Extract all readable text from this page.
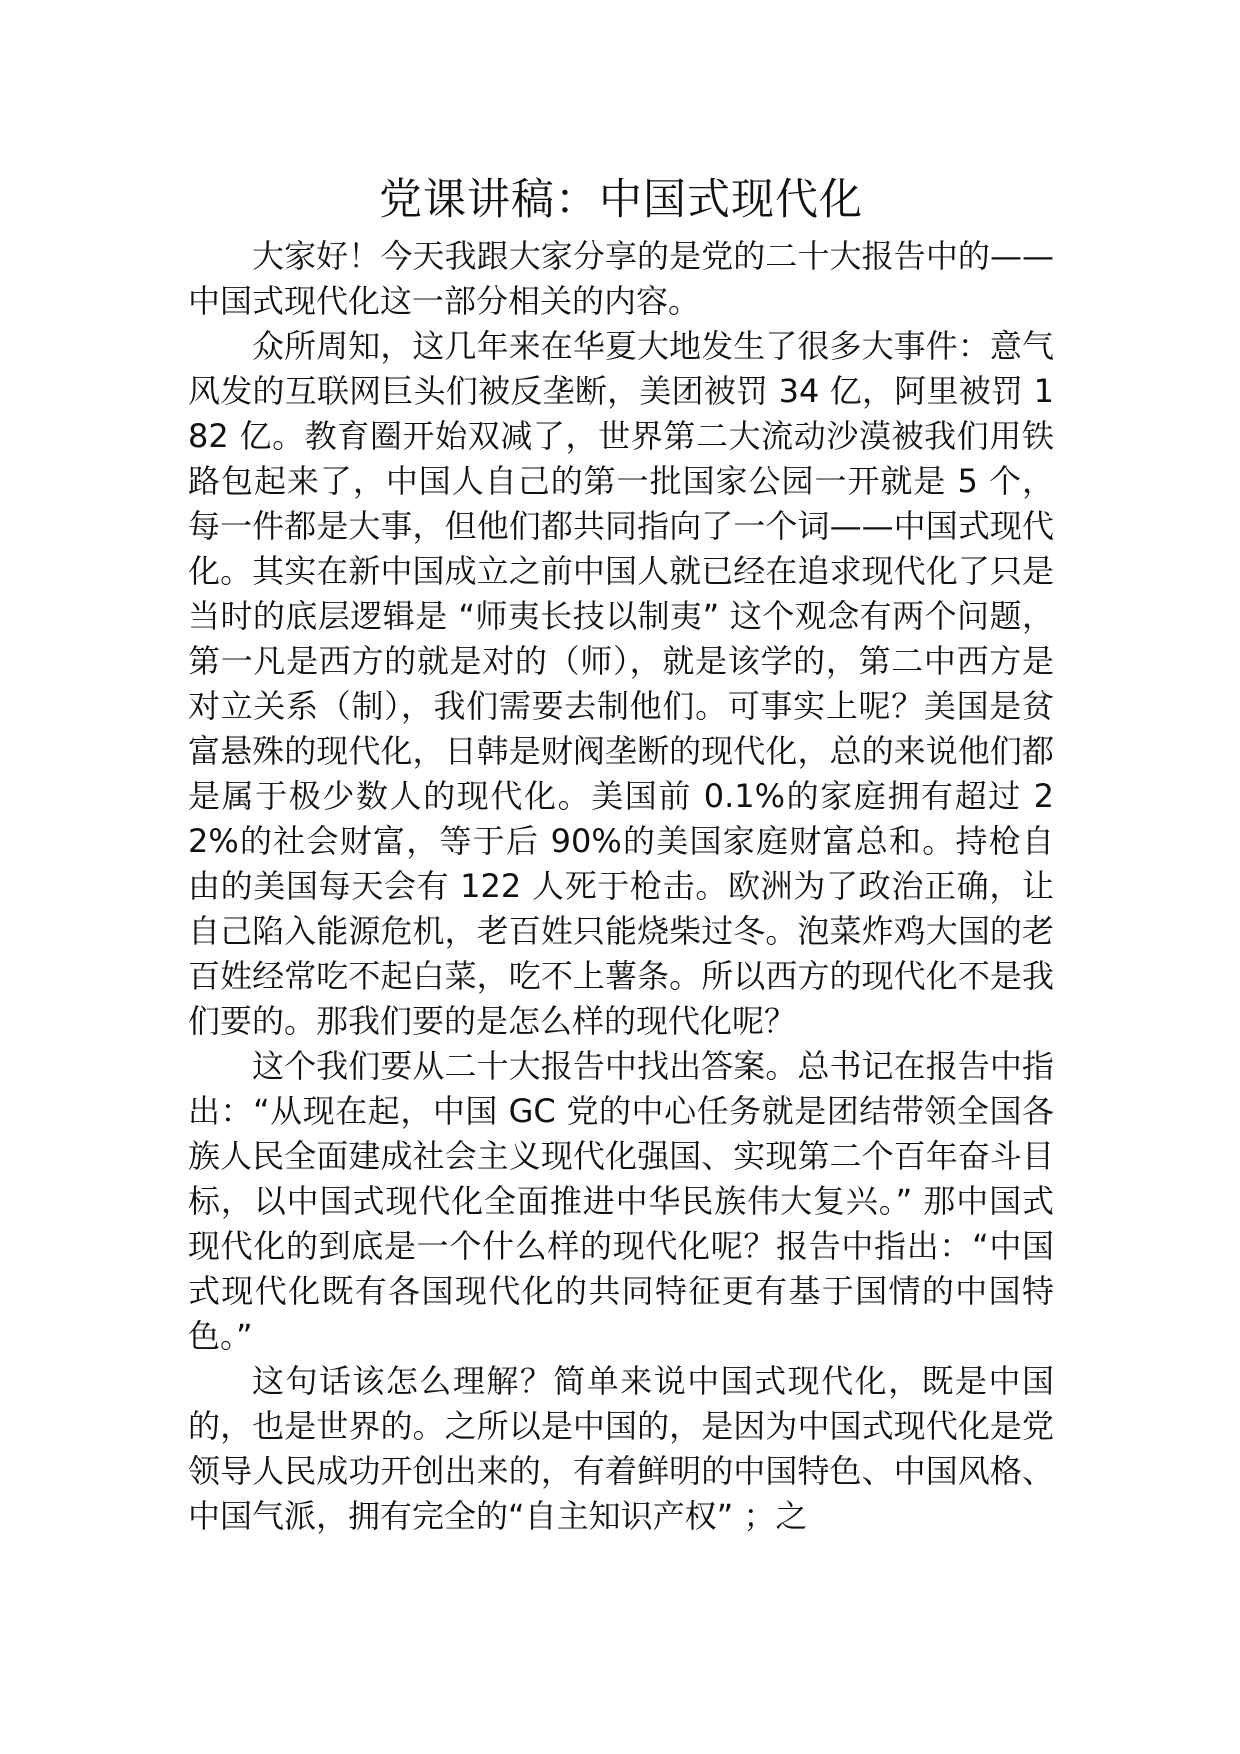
党课讲稿：中国式现代化

大家好！今天我跟大家分享的是党的二十大报告中的——中国式现代化这一部分相关的内容。

众所周知，这几年来在华夏大地发生了很多大事件：意气风发的互联网巨头们被反垄断，美团被罚 34 亿，阿里被罚 182 亿。教育圈开始双减了，世界第二大流动沙漠被我们用铁路包起来了，中国人自己的第一批国家公园一开就是 5 个，每一件都是大事，但他们都共同指向了一个词——中国式现代化。其实在新中国成立之前中国人就已经在追求现代化了只是当时的底层逻辑是 “师夷长技以制夷” 这个观念有两个问题，第一凡是西方的就是对的（师），就是该学的，第二中西方是对立关系（制），我们需要去制他们。可事实上呢？美国是贫富悬殊的现代化，日韩是财阀垄断的现代化，总的来说他们都是属于极少数人的现代化。美国前 0.1%的家庭拥有超过 22%的社会财富，等于后 90%的美国家庭财富总和。持枪自由的美国每天会有 122 人死于枪击。欧洲为了政治正确，让自己陷入能源危机，老百姓只能烧柴过冬。泡菜炸鸡大国的老百姓经常吃不起白菜，吃不上薯条。所以西方的现代化不是我们要的。那我们要的是怎么样的现代化呢？

这个我们要从二十大报告中找出答案。总书记在报告中指出：“从现在起，中国 GC 党的中心任务就是团结带领全国各族人民全面建成社会主义现代化强国、实现第二个百年奋斗目标，以中国式现代化全面推进中华民族伟大复兴。” 那中国式现代化的到底是一个什么样的现代化呢？报告中指出：“中国式现代化既有各国现代化的共同特征更有基于国情的中国特色。”

这句话该怎么理解？简单来说中国式现代化，既是中国的，也是世界的。之所以是中国的，是因为中国式现代化是党领导人民成功开创出来的，有着鲜明的中国特色、中国风格、中国气派，拥有完全的“自主知识产权” ；之
